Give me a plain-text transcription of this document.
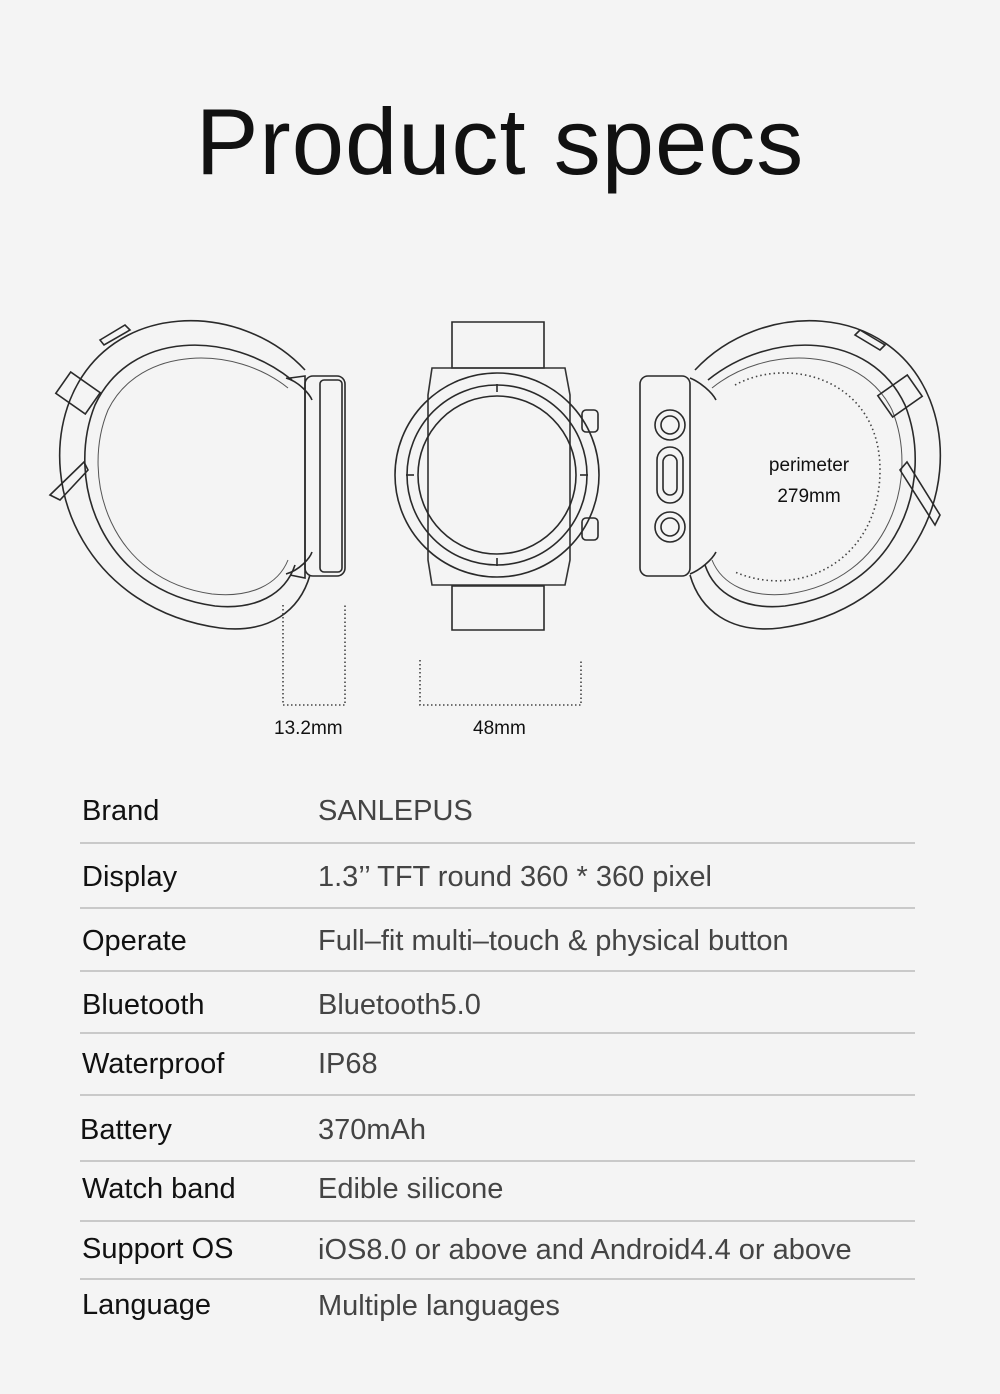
Product specs
13.2mm	48mm
perimeter
279mm
Brand	SANLEPUS
Display	1.3’’ TFT round 360 * 360 pixel
Operate	Full–fit multi–touch & physical button
Bluetooth	Bluetooth5.0
Waterproof	IP68
Battery	370mAh
Watch band	Edible silicone
Support OS	iOS8.0 or above and Android4.4 or above
Language	Multiple languages
